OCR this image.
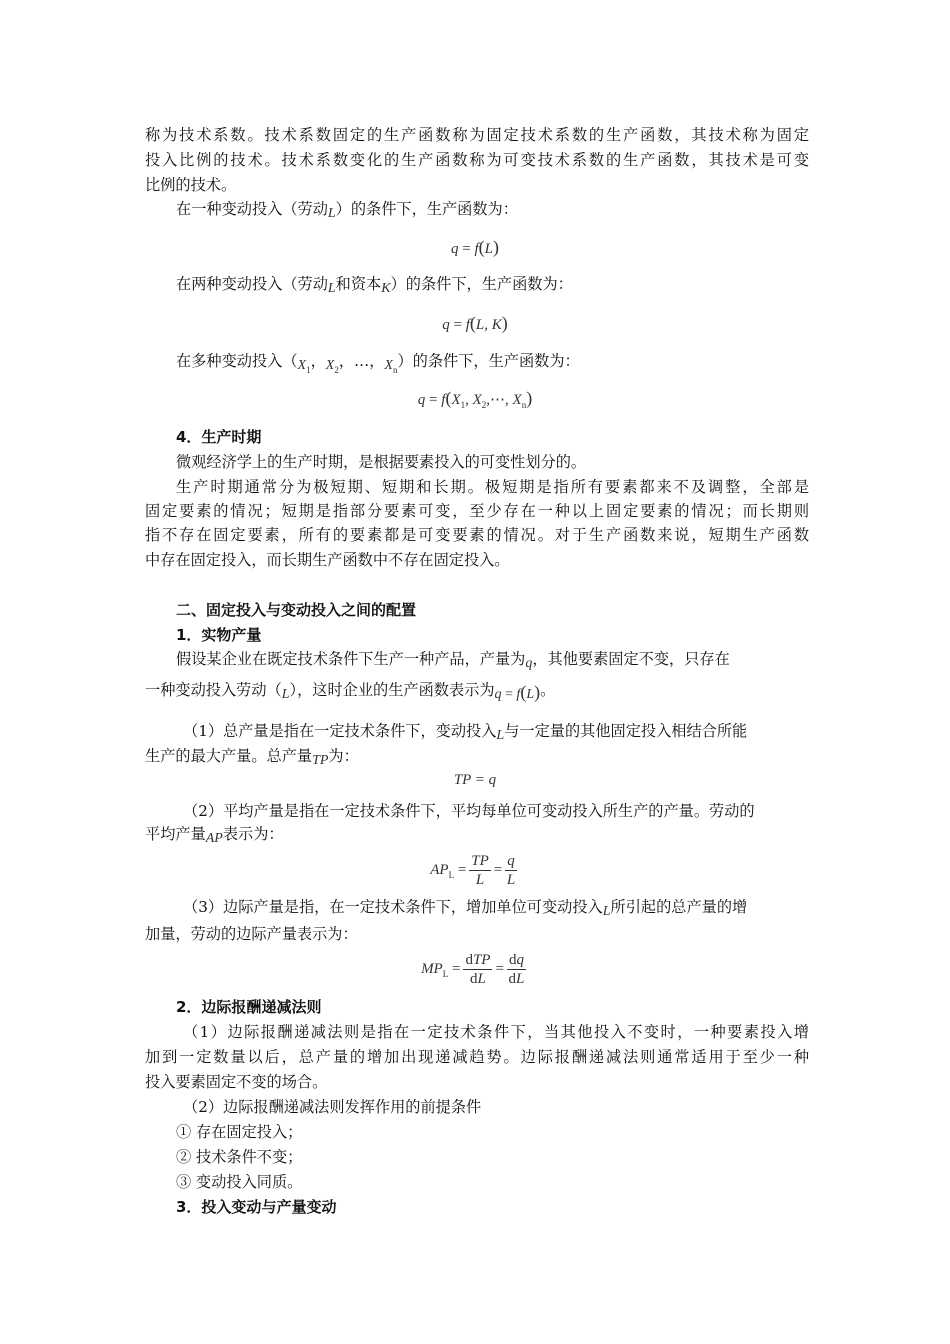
称为技术系数。技术系数固定的生产函数称为固定技术系数的生产函数，其技术称为固定
投入比例的技术。技术系数变化的生产函数称为可变技术系数的生产函数，其技术是可变
比例的技术。
在一种变动投入（劳动L）的条件下，生产函数为：
q = f(L)
在两种变动投入（劳动L和资本K）的条件下，生产函数为：
q = f(L, K)
在多种变动投入（$X_1$，$X_2$，…，$X_n$）的条件下，生产函数为：
$q = f(X_1$, $X_2,\cdots$, $X_n$)
4．生产时期
微观经济学上的生产时期，是根据要素投入的可变性划分的。
生产时期通常分为极短期、短期和长期。极短期是指所有要素都来不及调整，全部是
固定要素的情况；短期是指部分要素可变，至少存在一种以上固定要素的情况；而长期则
指不存在固定要素，所有的要素都是可变要素的情况。对于生产函数来说，短期生产函数
中存在固定投入，而长期生产函数中不存在固定投入。
二、固定投入与变动投入之间的配置
1．实物产量
假设某企业在既定技术条件下生产一种产品，产量为q，其他要素固定不变，只存在
一种变动投入劳动（L），这时企业的生产函数表示为q = f(L)。
（1）总产量是指在一定技术条件下，变动投入L与一定量的其他固定投入相结合所能
生产的最大产量。总产量TP为：
TP = q
（2）平均产量是指在一定技术条件下，平均每单位可变动投入所生产的产量。劳动的
平均产量AP表示为：
$AP_L = \frac{TP}{L} = \frac{q}{L}$
（3）边际产量是指，在一定技术条件下，增加单位可变动投入L所引起的总产量的增
加量，劳动的边际产量表示为：
$MP_L = \frac{\text{dTP}}{dL} = \frac{dq}{dL}$
2．边际报酬递减法则
（1）边际报酬递减法则是指在一定技术条件下，当其他投入不变时，一种要素投入增
加到一定数量以后，总产量的增加出现递减趋势。边际报酬递减法则通常适用于至少一种
投入要素固定不变的场合。
（2）边际报酬递减法则发挥作用的前提条件
① 存在固定投入；
② 技术条件不变；
③ 变动投入同质。
3．投入变动与产量变动
